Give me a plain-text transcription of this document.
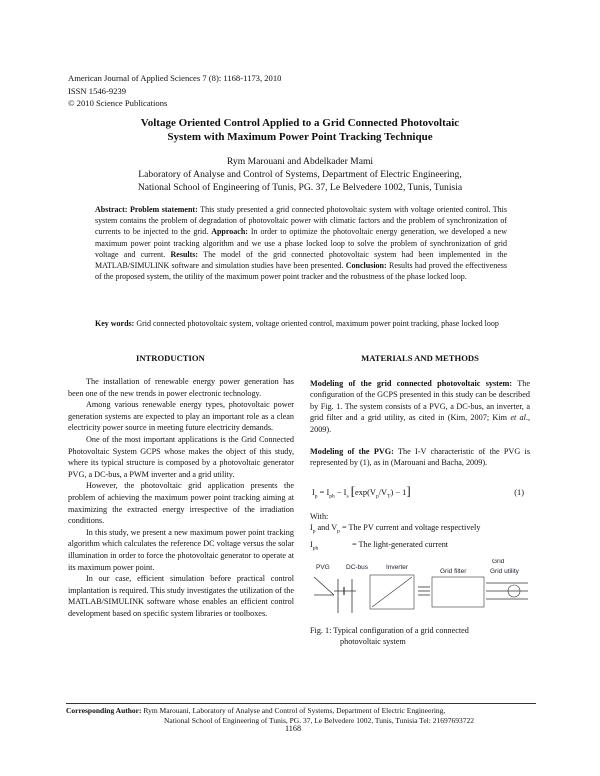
American Journal of Applied Sciences 7 (8): 1168-1173, 2010
ISSN 1546-9239
© 2010 Science Publications
Voltage Oriented Control Applied to a Grid Connected Photovoltaic
System with Maximum Power Point Tracking Technique
Rym Marouani and Abdelkader Mami
Laboratory of Analyse and Control of Systems, Department of Electric Engineering,
National School of Engineering of Tunis, PG. 37, Le Belvedere 1002, Tunis, Tunisia
Abstract: Problem statement: This study presented a grid connected photovoltaic system with voltage oriented control. This system contains the problem of degradation of photovoltaic power with climatic factors and the problem of synchronization of currents to be injected to the grid. Approach: In order to optimize the photovoltaic energy generation, we developed a new maximum power point tracking algorithm and we use a phase locked loop to solve the problem of synchronization of grid voltage and current. Results: The model of the grid connected photovoltaic system had been implemented in the MATLAB/SIMULINK software and simulation studies have been presented. Conclusion: Results had proved the effectiveness of the proposed system, the utility of the maximum power point tracker and the robustness of the phase locked loop.
Key words: Grid connected photovoltaic system, voltage oriented control, maximum power point tracking, phase locked loop
INTRODUCTION

The installation of renewable energy power generation has been one of the new trends in power electronic technology.

Among various renewable energy types, photovoltaic power generation systems are expected to play an important role as a clean electricity power source in meeting future electricity demands.

One of the most important applications is the Grid Connected Photovoltaic System GCPS whose makes the object of this study, where its typical structure is composed by a photovoltaic generator PVG, a DC-bus, a PWM inverter and a grid utility.

However, the photovoltaic grid application presents the problem of achieving the maximum power point tracking aiming at maximizing the extracted energy irrespective of the irradiation conditions.

In this study, we present a new maximum power point tracking algorithm which calculates the reference DC voltage versus the solar illumination in order to force the photovoltaic generator to operate at its maximum power point.

In our case, efficient simulation before practical control implantation is required. This study investigates the utilization of the MATLAB/SIMULINK software whose enables an efficient control development based on specific system libraries or toolboxes.

MATERIALS AND METHODS

Modeling of the grid connected photovoltaic system: The configuration of the GCPS presented in this study can be described by Fig. 1. The system consists of a PVG, a DC-bus, an inverter, a grid filter and a grid utility, as cited in (Kim, 2007; Kim et al., 2009).

Modeling of the PVG: The I-V characteristic of the PVG is represented by (1), as in (Marouani and Bacha, 2009).

$I_p = I_{ph} - I_s$ $[\exp(V_p/V_T) - 1]$	(1)
With:
$I_p$ and $V_p$ = The PV current and voltage respectively
$I_{ph}$	= The light-generated current
PVG	DC-bus	Inverter
Grid
Grid filter	Grid utility
Fig. 1: Typical configuration of a grid connected
photovoltaic system
Corresponding Author: Rym Marouani, Laboratory of Analyse and Control of Systems, Department of Electric Engineering,
National School of Engineering of Tunis, PG. 37, Le Belvedere 1002, Tunis, Tunisia Tel: 21697693722
1168
